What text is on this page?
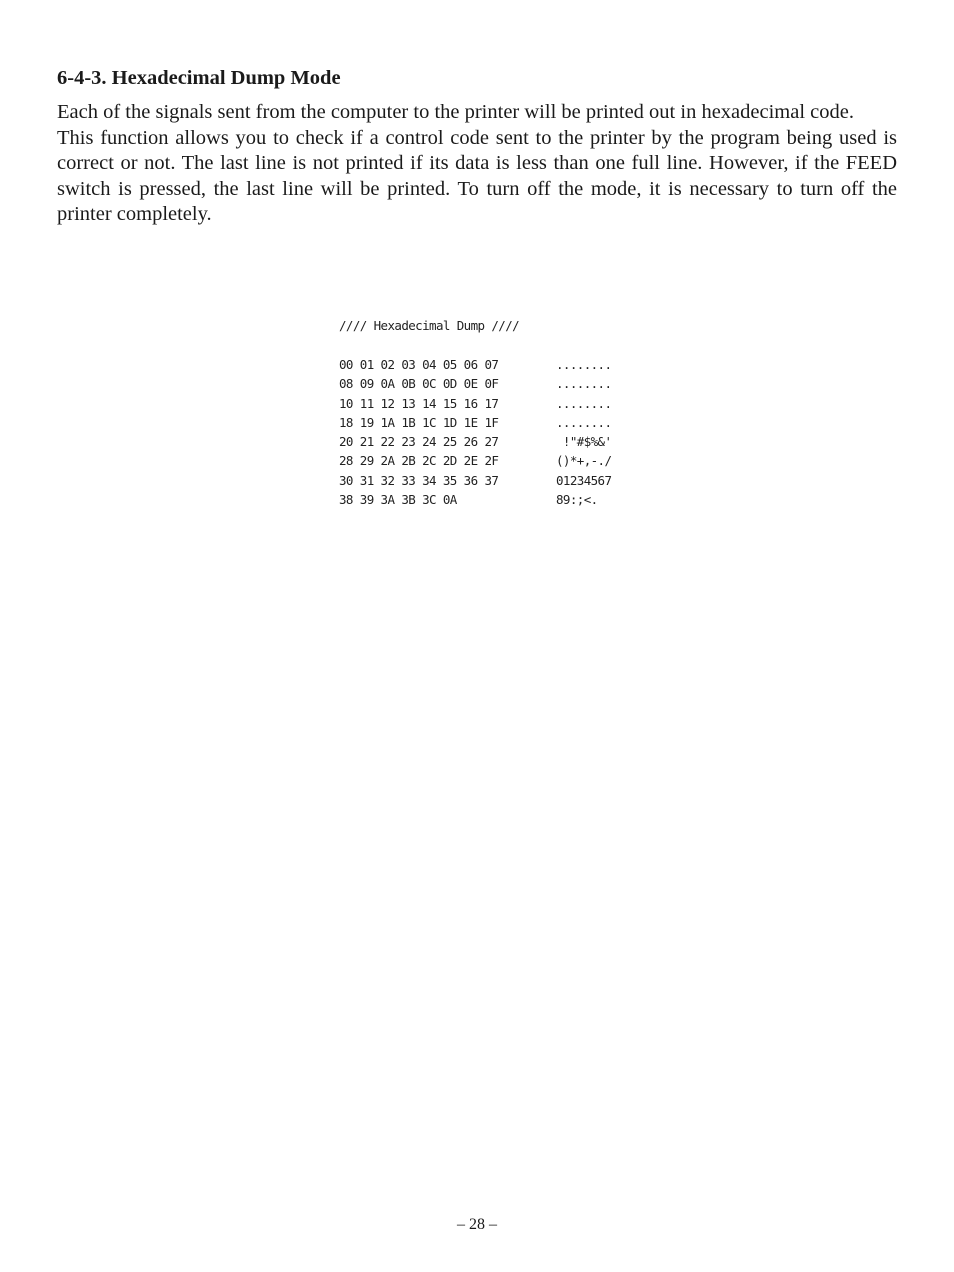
6-4-3. Hexadecimal Dump Mode

Each of the signals sent from the computer to the printer will be printed out in hexadecimal code.

This function allows you to check if a control code sent to the printer by the program being used is correct or not. The last line is not printed if its data is less than one full line. However, if the FEED switch is pressed, the last line will be printed. To turn off the mode, it is necessary to turn off the printer completely.

//// Hexadecimal Dump ////
00 01 02 03 04 05 06 07	........
08 09 0A 0B 0C 0D 0E 0F	........
10 11 12 13 14 15 16 17	........
18 19 1A 1B 1C 1D 1E 1F	........
20 21 22 23 24 25 26 27	!"#$%&'
28 29 2A 2B 2C 2D 2E 2F	()*+,-./
30 31 32 33 34 35 36 37	01234567
38 39 3A 3B 3C 0A	89:;<.
– 28 –
